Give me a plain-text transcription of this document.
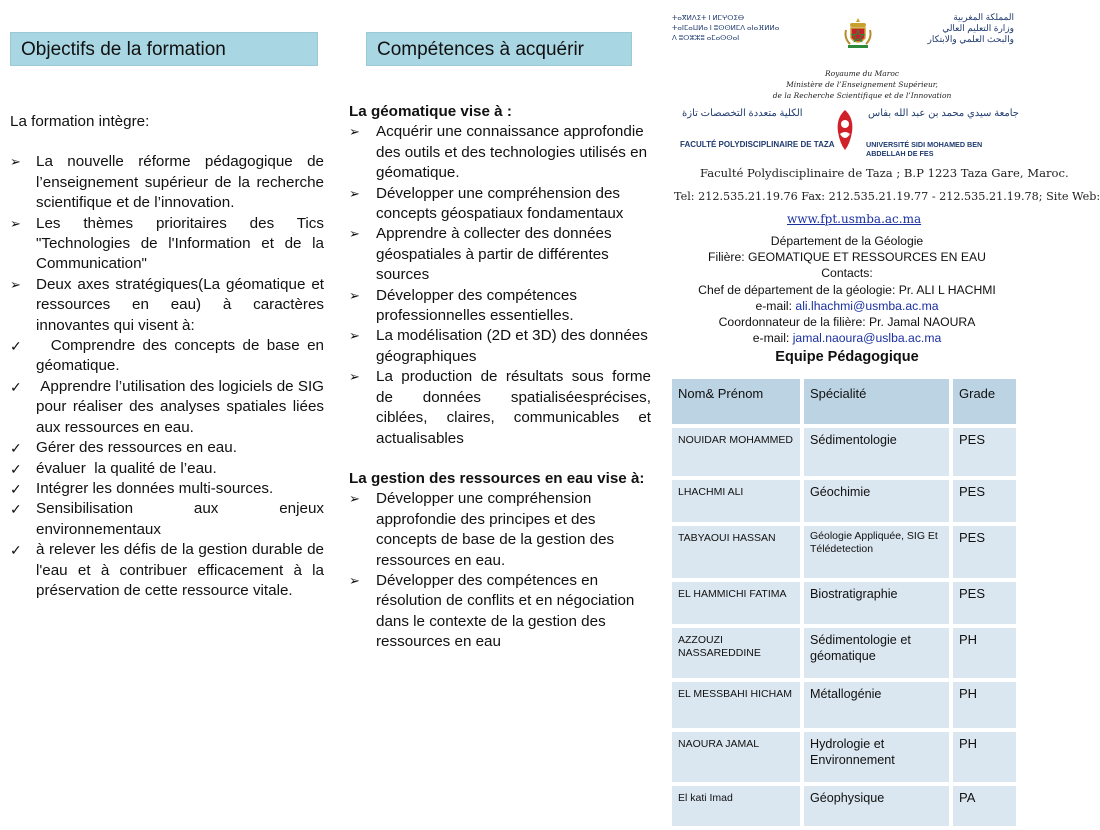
Objectifs de la formation	Compétences à acquérir
La formation intègre:
➢ La nouvelle réforme pédagogique de l’enseignement supérieur de la recherche scientifique et de l’innovation.
➢ Les thèmes prioritaires des Tics "Technologies de l'Information et de la Communication"
➢ Deux axes stratégiques(La géomatique et ressources en eau) à caractères innovantes qui visent à:
✓ Comprendre des concepts de base en géomatique.
✓ Apprendre l’utilisation des logiciels de SIG pour réaliser des analyses spatiales liées aux ressources en eau.
✓ Gérer des ressources en eau.
✓ évaluer  la qualité de l’eau.
✓ Intégrer les données multi-sources.
✓ Sensibilisation aux enjeux environnementaux
✓ à relever les défis de la gestion durable de l'eau et à contribuer efficacement à la préservation de cette ressource vitale.
La géomatique vise à :
➢ Acquérir une connaissance approfondie des outils et des technologies utilisés en géomatique.
➢ Développer une compréhension des concepts géospatiaux fondamentaux
➢ Apprendre à collecter des données géospatiales à partir de différentes sources
➢ Développer des compétences professionnelles essentielles.
➢ La modélisation (2D et 3D) des données géographiques
➢ La production de résultats sous forme de données spatialiséesprécises, ciblées, claires, communicables et actualisables
La gestion des ressources en eau vise à:
➢ Développer une compréhension approfondie des principes et des concepts de base de la gestion des ressources en eau.
➢ Développer des compétences en résolution de conflits et en négociation dans le contexte de la gestion des ressources en eau
ⵜⴰⴳⵍⴷⵉⵜ ⵏ ⵍⵎⵖⵔⵉⴱ
ⵜⴰⵏⵎⴰⵡⵍⴰ ⵏ ⵓⵙⵙⵍⵎⴷ ⴰⵏⴰⴼⵍⵍⴰ
ⴷ ⵓⵔⵣⵣⵓ ⴰⵎⴰⵙⵙⴰⵏ
المملكة المغربية
وزارة التعليم العالي
والبحث العلمي والابتكار
Royaume du Maroc
Ministère de l’Enseignement Supérieur,
de la Recherche Scientifique et de l’Innovation
الكلية متعددة التخصصات تازة	جامعة سيدي محمد بن عبد الله بفاس
FACULTÉ POLYDISCIPLINAIRE DE TAZA	UNIVERSITÉ SIDI MOHAMED BEN ABDELLAH DE FES
Faculté Polydisciplinaire de Taza ; B.P 1223 Taza Gare, Maroc.
Tel: 212.535.21.19.76 Fax: 212.535.21.19.77 - 212.535.21.19.78; Site Web:
www.fpt.usmba.ac.ma
Département de la Géologie
Filière: GEOMATIQUE ET RESSOURCES EN EAU
Contacts:
Chef de département de la géologie: Pr. ALI L HACHMI
e-mail: ali.lhachmi@usmba.ac.ma
Coordonnateur de la filière: Pr. Jamal NAOURA
e-mail: jamal.naoura@uslba.ac.ma
Equipe Pédagogique
Nom& Prénom	Spécialité	Grade
NOUIDAR MOHAMMED	Sédimentologie	PES
LHACHMI ALI	Géochimie	PES
TABYAOUI HASSAN	Géologie Appliquée, SIG Et Télédetection	PES
EL HAMMICHI FATIMA	Biostratigraphie	PES
AZZOUZI NASSAREDDINE	Sédimentologie et géomatique	PH
EL MESSBAHI HICHAM	Métallogénie	PH
NAOURA JAMAL	Hydrologie et Environnement	PH
El kati Imad	Géophysique	PA
